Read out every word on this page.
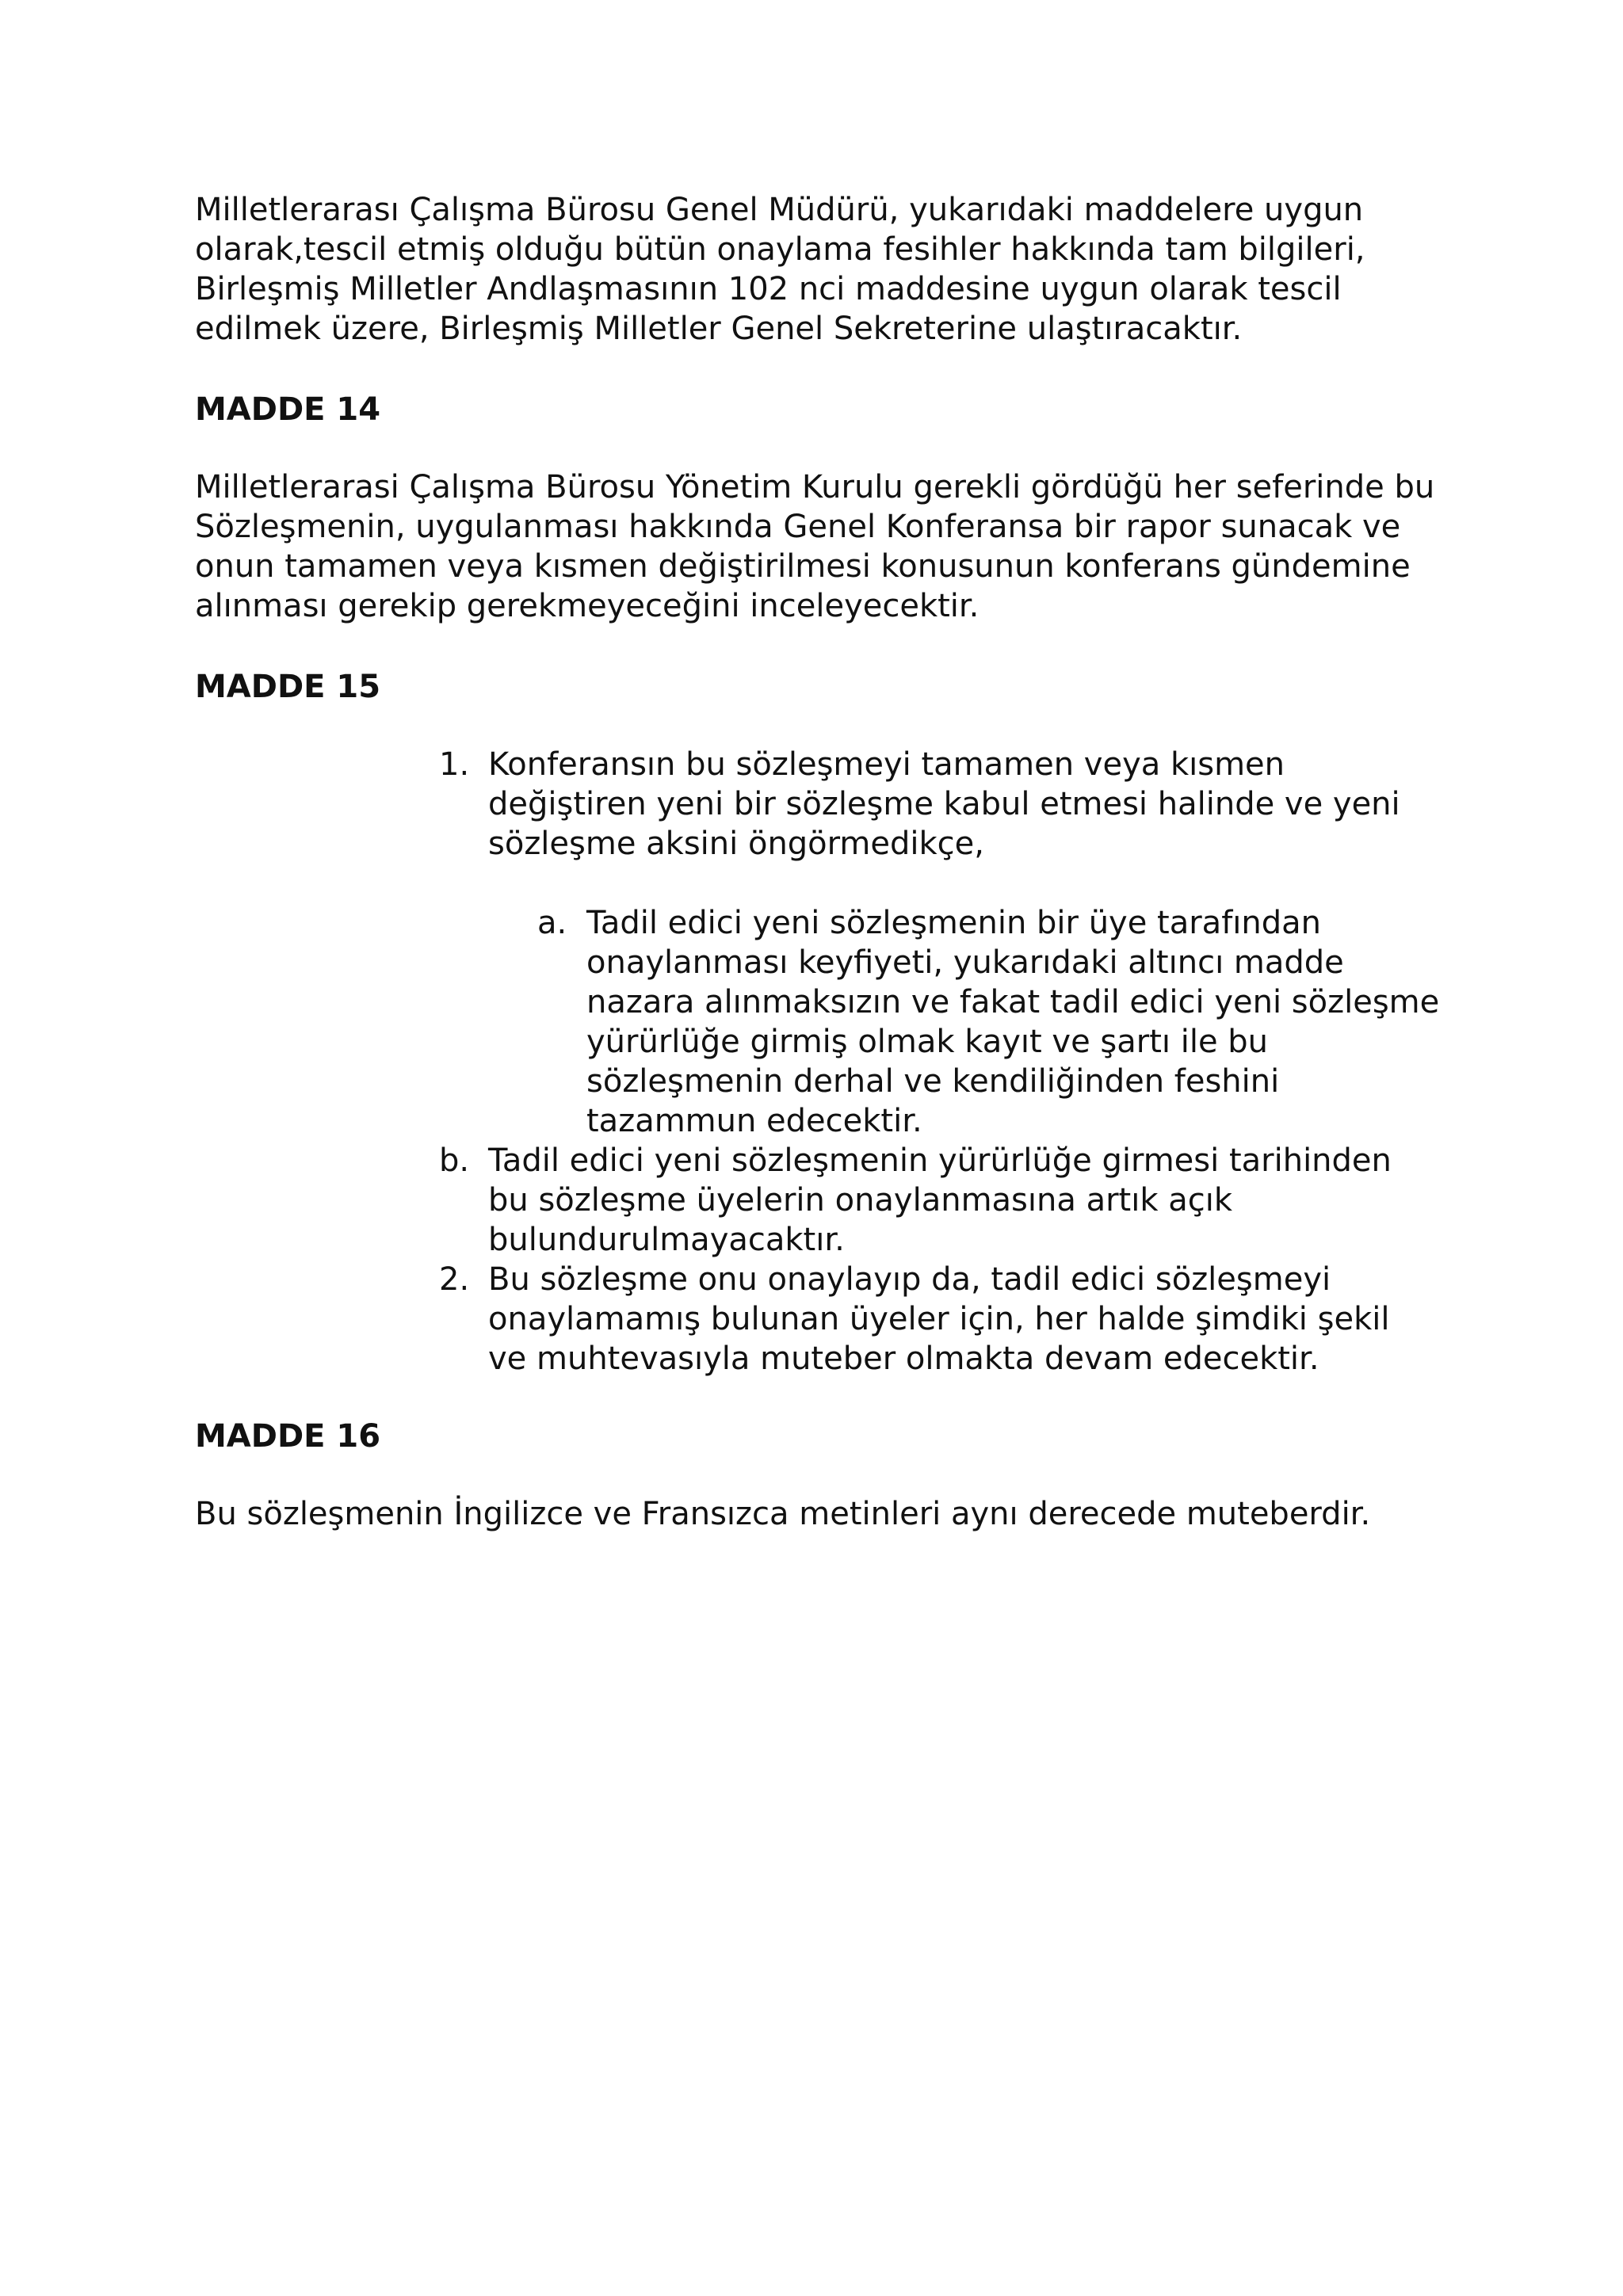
Milletlerarası Çalışma Bürosu Genel Müdürü, yukarıdaki maddelere uygun olarak,tescil etmiş olduğu bütün onaylama fesihler hakkında tam bilgileri, Birleşmiş Milletler Andlaşmasının 102 nci maddesine uygun olarak tescil edilmek üzere, Birleşmiş Milletler Genel Sekreterine ulaştıracaktır.

MADDE 14

Milletlerarasi Çalışma Bürosu Yönetim Kurulu gerekli gördüğü her seferinde bu Sözleşmenin, uygulanması hakkında Genel Konferansa bir rapor sunacak ve onun tamamen veya kısmen değiştirilmesi konusunun konferans gündemine alınması gerekip gerekmeyeceğini inceleyecektir.

MADDE 15

1. Konferansın bu sözleşmeyi tamamen veya kısmen değiştiren yeni bir sözleşme kabul etmesi halinde ve yeni sözleşme aksini öngörmedikçe,
a. Tadil edici yeni sözleşmenin bir üye tarafından onaylanması keyfiyeti, yukarıdaki altıncı madde nazara alınmaksızın ve fakat tadil edici yeni sözleşme yürürlüğe girmiş olmak kayıt ve şartı ile bu sözleşmenin derhal ve kendiliğinden feshini tazammun edecektir.
b. Tadil edici yeni sözleşmenin yürürlüğe girmesi tarihinden bu sözleşme üyelerin onaylanmasına artık açık bulundurulmayacaktır.
2. Bu sözleşme onu onaylayıp da, tadil edici sözleşmeyi onaylamamış bulunan üyeler için, her halde şimdiki şekil ve muhtevasıyla muteber olmakta devam edecektir.

MADDE 16

Bu sözleşmenin İngilizce ve Fransızca metinleri aynı derecede muteberdir.
